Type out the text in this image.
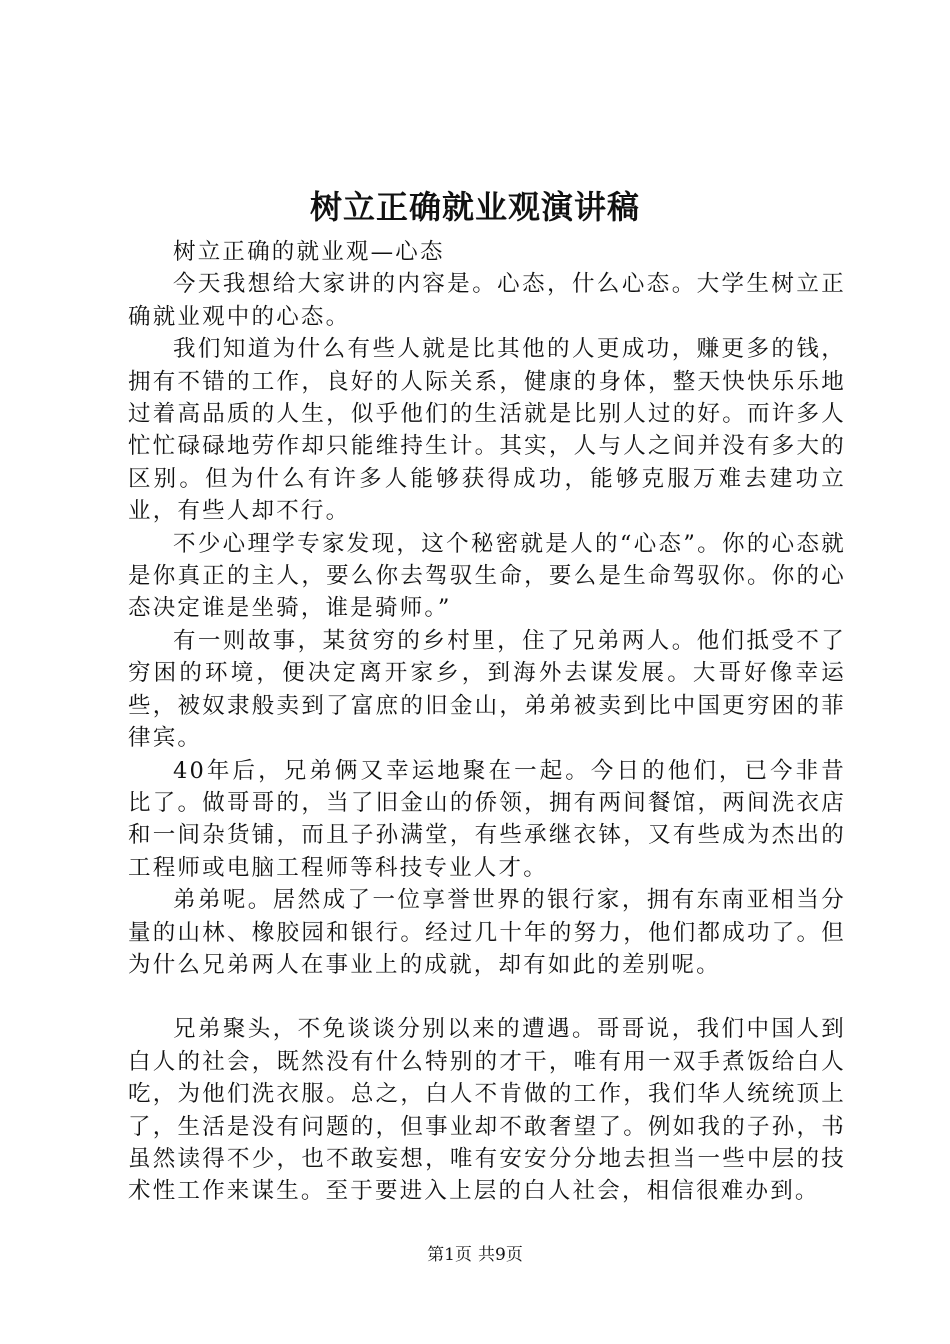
树立正确就业观演讲稿

树立正确的就业观—心态

今天我想给大家讲的内容是。心态，什么心态。大学生树立正确就业观中的心态。

我们知道为什么有些人就是比其他的人更成功，赚更多的钱，拥有不错的工作，良好的人际关系，健康的身体，整天快快乐乐地过着高品质的人生，似乎他们的生活就是比别人过的好。而许多人忙忙碌碌地劳作却只能维持生计。其实，人与人之间并没有多大的区别。但为什么有许多人能够获得成功，能够克服万难去建功立业，有些人却不行。

不少心理学专家发现，这个秘密就是人的“心态”。你的心态就是你真正的主人，要么你去驾驭生命，要么是生命驾驭你。你的心态决定谁是坐骑，谁是骑师。”

有一则故事，某贫穷的乡村里，住了兄弟两人。他们抵受不了穷困的环境，便决定离开家乡，到海外去谋发展。大哥好像幸运些，被奴隶般卖到了富庶的旧金山，弟弟被卖到比中国更穷困的菲律宾。

40年后，兄弟俩又幸运地聚在一起。今日的他们，已今非昔比了。做哥哥的，当了旧金山的侨领，拥有两间餐馆，两间洗衣店和一间杂货铺，而且子孙满堂，有些承继衣钵，又有些成为杰出的工程师或电脑工程师等科技专业人才。

弟弟呢。居然成了一位享誉世界的银行家，拥有东南亚相当分量的山林、橡胶园和银行。经过几十年的努力，他们都成功了。但为什么兄弟两人在事业上的成就，却有如此的差别呢。

兄弟聚头，不免谈谈分别以来的遭遇。哥哥说，我们中国人到白人的社会，既然没有什么特别的才干，唯有用一双手煮饭给白人吃，为他们洗衣服。总之，白人不肯做的工作，我们华人统统顶上了，生活是没有问题的，但事业却不敢奢望了。例如我的子孙，书虽然读得不少，也不敢妄想，唯有安安分分地去担当一些中层的技术性工作来谋生。至于要进入上层的白人社会，相信很难办到。

第1页 共9页
